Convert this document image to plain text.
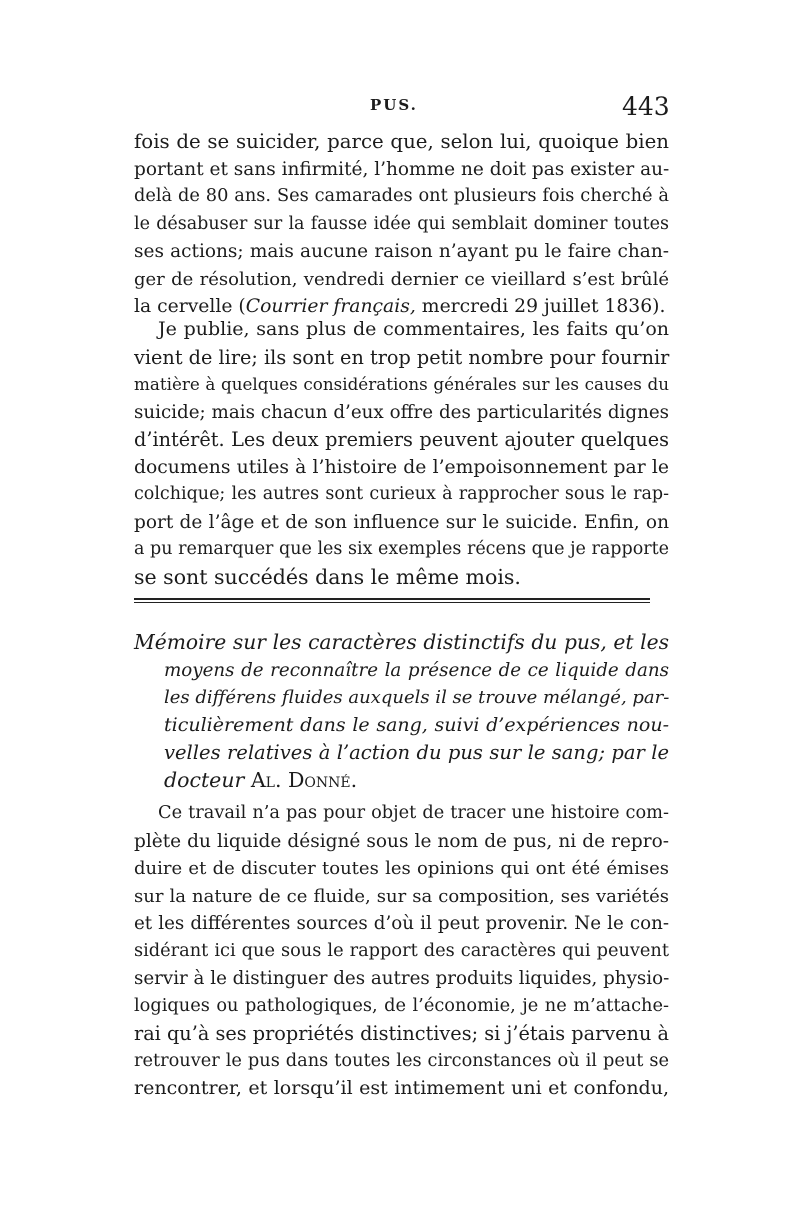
PUS.	443
fois de se suicider, parce que, selon lui, quoique bien
portant et sans infirmité, l’homme ne doit pas exister au-
delà de 80 ans. Ses camarades ont plusieurs fois cherché à
le désabuser sur la fausse idée qui semblait dominer toutes
ses actions; mais aucune raison n’ayant pu le faire chan-
ger de résolution, vendredi dernier ce vieillard s’est brûlé
la cervelle (Courrier français, mercredi 29 juillet 1836).
Je publie, sans plus de commentaires, les faits qu’on
vient de lire; ils sont en trop petit nombre pour fournir
matière à quelques considérations générales sur les causes du
suicide; mais chacun d’eux offre des particularités dignes
d’intérêt. Les deux premiers peuvent ajouter quelques
documens utiles à l’histoire de l’empoisonnement par le
colchique; les autres sont curieux à rapprocher sous le rap-
port de l’âge et de son influence sur le suicide. Enfin, on
a pu remarquer que les six exemples récens que je rapporte
se sont succédés dans le même mois.
Mémoire sur les caractères distinctifs du pus, et les
moyens de reconnaître la présence de ce liquide dans
les différens fluides auxquels il se trouve mélangé, par-
ticulièrement dans le sang, suivi d’expériences nou-
velles relatives à l’action du pus sur le sang; par le
docteur Al. Donné.
Ce travail n’a pas pour objet de tracer une histoire com-
plète du liquide désigné sous le nom de pus, ni de repro-
duire et de discuter toutes les opinions qui ont été émises
sur la nature de ce fluide, sur sa composition, ses variétés
et les différentes sources d’où il peut provenir. Ne le con-
sidérant ici que sous le rapport des caractères qui peuvent
servir à le distinguer des autres produits liquides, physio-
logiques ou pathologiques, de l’économie, je ne m’attache-
rai qu’à ses propriétés distinctives; si j’étais parvenu à
retrouver le pus dans toutes les circonstances où il peut se
rencontrer, et lorsqu’il est intimement uni et confondu,
